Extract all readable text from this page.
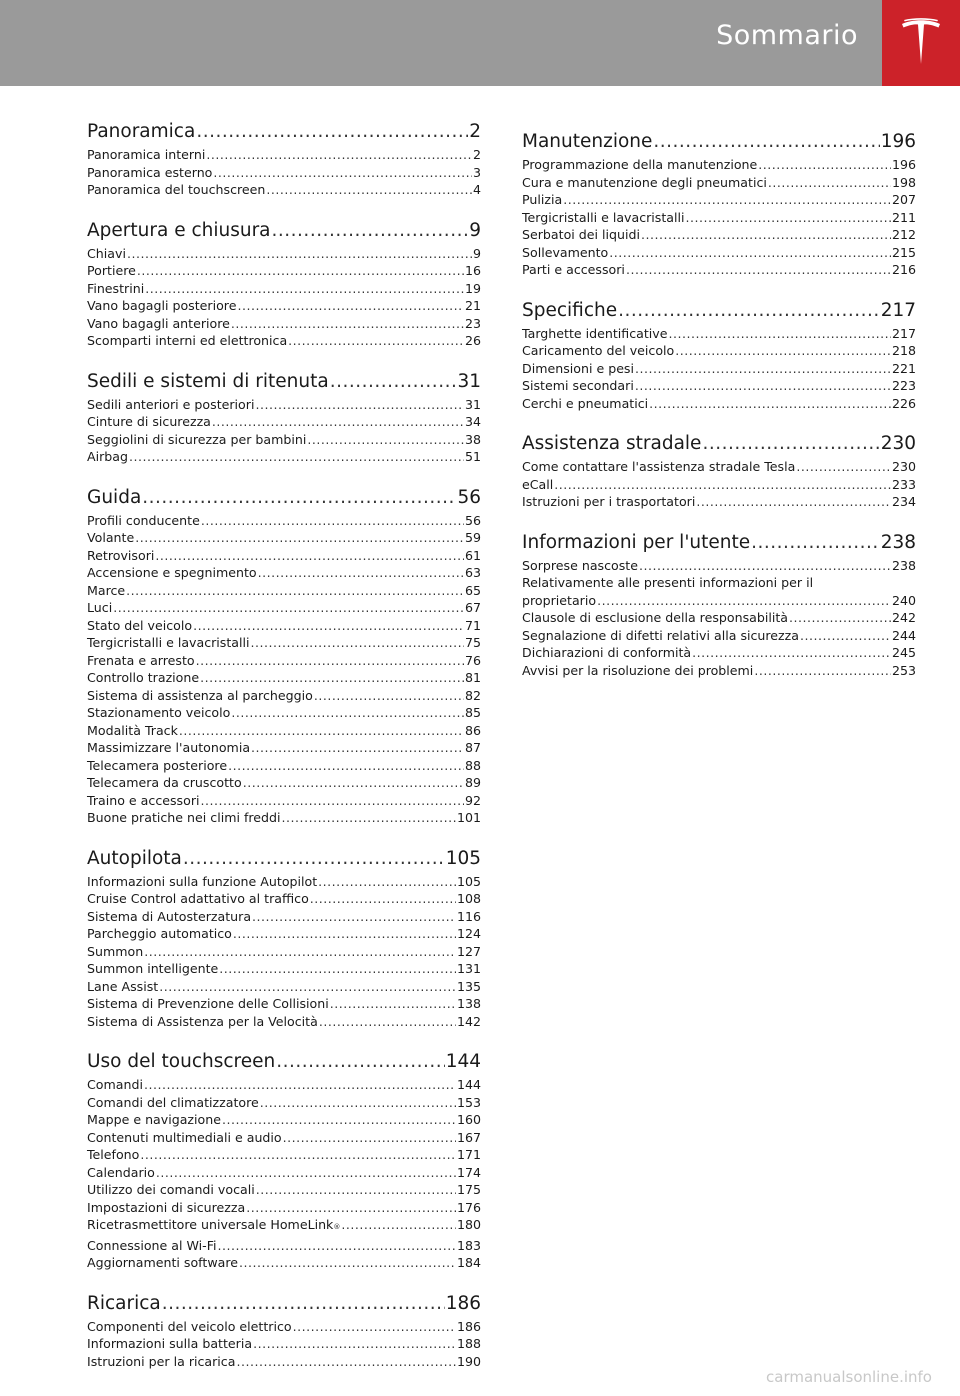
Sommario
Panoramica .....	2
Panoramica interni .....	2
Panoramica esterno .....	3
Panoramica del touchscreen .....	4
Apertura e chiusura .....	9
Chiavi .....	9
Portiere .....	16
Finestrini .....	19
Vano bagagli posteriore .....	21
Vano bagagli anteriore .....	23
Scomparti interni ed elettronica .....	26
Sedili e sistemi di ritenuta .....	31
Sedili anteriori e posteriori .....	31
Cinture di sicurezza .....	34
Seggiolini di sicurezza per bambini .....	38
Airbag .....	51
Guida .....	56
Profili conducente .....	56
Volante .....	59
Retrovisori .....	61
Accensione e spegnimento .....	63
Marce .....	65
Luci .....	67
Stato del veicolo .....	71
Tergicristalli e lavacristalli .....	75
Frenata e arresto .....	76
Controllo trazione .....	81
Sistema di assistenza al parcheggio .....	82
Stazionamento veicolo .....	85
Modalità Track .....	86
Massimizzare l'autonomia .....	87
Telecamera posteriore .....	88
Telecamera da cruscotto .....	89
Traino e accessori .....	92
Buone pratiche nei climi freddi .....	101
Autopilota .....	105
Informazioni sulla funzione Autopilot .....	105
Cruise Control adattativo al traffico .....	108
Sistema di Autosterzatura .....	116
Parcheggio automatico .....	124
Summon .....	127
Summon intelligente .....	131
Lane Assist .....	135
Sistema di Prevenzione delle Collisioni .....	138
Sistema di Assistenza per la Velocità .....	142
Uso del touchscreen .....	144
Comandi .....	144
Comandi del climatizzatore .....	153
Mappe e navigazione .....	160
Contenuti multimediali e audio .....	167
Telefono .....	171
Calendario .....	174
Utilizzo dei comandi vocali .....	175
Impostazioni di sicurezza .....	176
Ricetrasmettitore universale HomeLink$_®$ .....	180
Connessione al Wi-Fi .....	183
Aggiornamenti software .....	184
Ricarica .....	186
Componenti del veicolo elettrico .....	186
Informazioni sulla batteria .....	188
Istruzioni per la ricarica .....	190
Manutenzione .....	196
Programmazione della manutenzione .....	196
Cura e manutenzione degli pneumatici .....	198
Pulizia .....	207
Tergicristalli e lavacristalli .....	211
Serbatoi dei liquidi .....	212
Sollevamento .....	215
Parti e accessori .....	216
Specifiche .....	217
Targhette identificative .....	217
Caricamento del veicolo .....	218
Dimensioni e pesi .....	221
Sistemi secondari .....	223
Cerchi e pneumatici .....	226
Assistenza stradale .....	230
Come contattare l'assistenza stradale Tesla .....	230
eCall .....	233
Istruzioni per i trasportatori .....	234
Informazioni per l'utente .....	238
Sorprese nascoste .....	238
Relativamente alle presenti informazioni per il
proprietario .....	240
Clausole di esclusione della responsabilità .....	242
Segnalazione di difetti relativi alla sicurezza .....	244
Dichiarazioni di conformità .....	245
Avvisi per la risoluzione dei problemi .....	253
carmanualsonline.info
